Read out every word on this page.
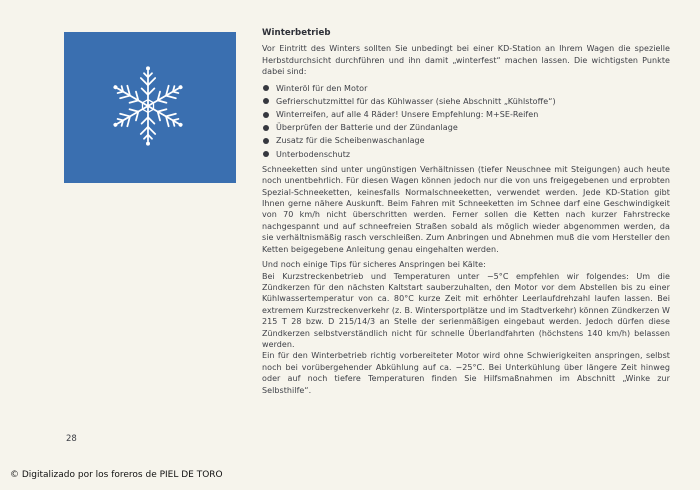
Winterbetrieb

Vor Eintritt des Winters sollten Sie unbedingt bei einer KD-Station an Ihrem Wagen die spezielle Herbstdurchsicht durchführen und ihn damit „winterfest“ machen lassen. Die wichtigsten Punkte dabei sind:

Winteröl für den Motor
Gefrierschutzmittel für das Kühlwasser (siehe Abschnitt „Kühlstoffe“)
Winterreifen, auf alle 4 Räder! Unsere Empfehlung: M+SE-Reifen
Überprüfen der Batterie und der Zündanlage
Zusatz für die Scheibenwaschanlage
Unterbodenschutz

Schneeketten sind unter ungünstigen Verhältnissen (tiefer Neuschnee mit Steigungen) auch heute noch unentbehrlich. Für diesen Wagen können jedoch nur die von uns freigegebenen und erprobten Spezial-Schneeketten, keinesfalls Normalschneeketten, verwendet werden. Jede KD-Station gibt Ihnen gerne nähere Auskunft. Beim Fahren mit Schneeketten im Schnee darf eine Geschwindigkeit von 70 km/h nicht überschritten werden. Ferner sollen die Ketten nach kurzer Fahrstrecke nachgespannt und auf schneefreien Straßen sobald als möglich wieder abgenommen werden, da sie verhältnismäßig rasch verschleißen. Zum Anbringen und Abnehmen muß die vom Hersteller den Ketten beigegebene Anleitung genau eingehalten werden.

Und noch einige Tips für sicheres Anspringen bei Kälte:

Bei Kurzstreckenbetrieb und Temperaturen unter −5°C empfehlen wir folgendes: Um die Zündkerzen für den nächsten Kaltstart sauberzuhalten, den Motor vor dem Abstellen bis zu einer Kühlwassertemperatur von ca. 80°C kurze Zeit mit erhöhter Leerlaufdrehzahl laufen lassen. Bei extremem Kurzstreckenverkehr (z. B. Wintersportplätze und im Stadtverkehr) können Zündkerzen W 215 T 28 bzw. D 215/14/3 an Stelle der serienmäßigen eingebaut werden. Jedoch dürfen diese Zündkerzen selbstverständlich nicht für schnelle Überlandfahrten (höchstens 140 km/h) belassen werden.

Ein für den Winterbetrieb richtig vorbereiteter Motor wird ohne Schwierigkeiten anspringen, selbst noch bei vorübergehender Abkühlung auf ca. −25°C. Bei Unterkühlung über längere Zeit hinweg oder auf noch tiefere Temperaturen finden Sie Hilfsmaßnahmen im Abschnitt „Winke zur Selbsthilfe“.

28
© Digitalizado por los foreros de PIEL DE TORO
